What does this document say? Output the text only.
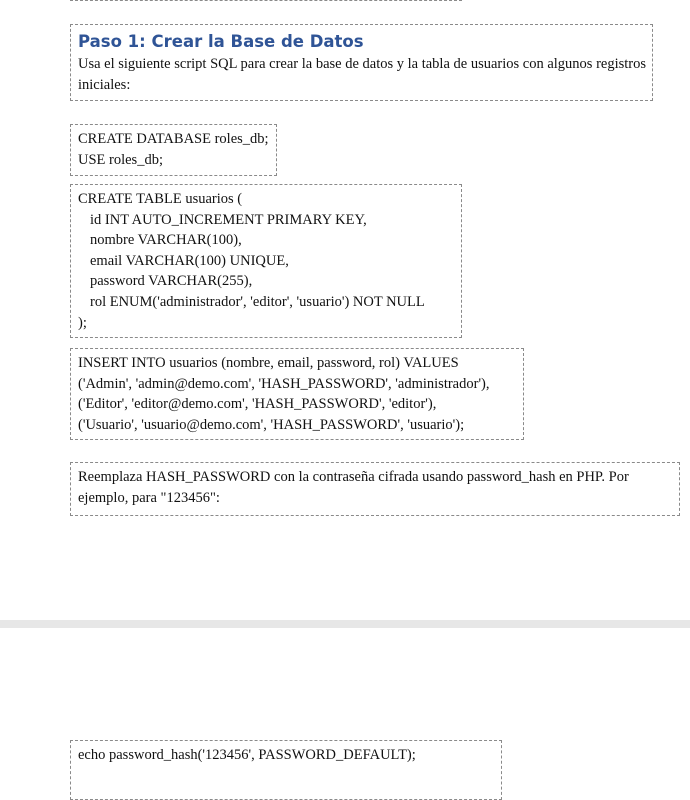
Paso 1: Crear la Base de Datos
Usa el siguiente script SQL para crear la base de datos y la tabla de usuarios con algunos registros iniciales:
CREATE DATABASE roles_db;
USE roles_db;
CREATE TABLE usuarios (
id INT AUTO_INCREMENT PRIMARY KEY,
nombre VARCHAR(100),
email VARCHAR(100) UNIQUE,
password VARCHAR(255),
rol ENUM('administrador', 'editor', 'usuario') NOT NULL
);
INSERT INTO usuarios (nombre, email, password, rol) VALUES
('Admin', 'admin@demo.com', 'HASH_PASSWORD', 'administrador'),
('Editor', 'editor@demo.com', 'HASH_PASSWORD', 'editor'),
('Usuario', 'usuario@demo.com', 'HASH_PASSWORD', 'usuario');
Reemplaza HASH_PASSWORD con la contraseña cifrada usando password_hash en PHP. Por ejemplo, para "123456":
echo password_hash('123456', PASSWORD_DEFAULT);
